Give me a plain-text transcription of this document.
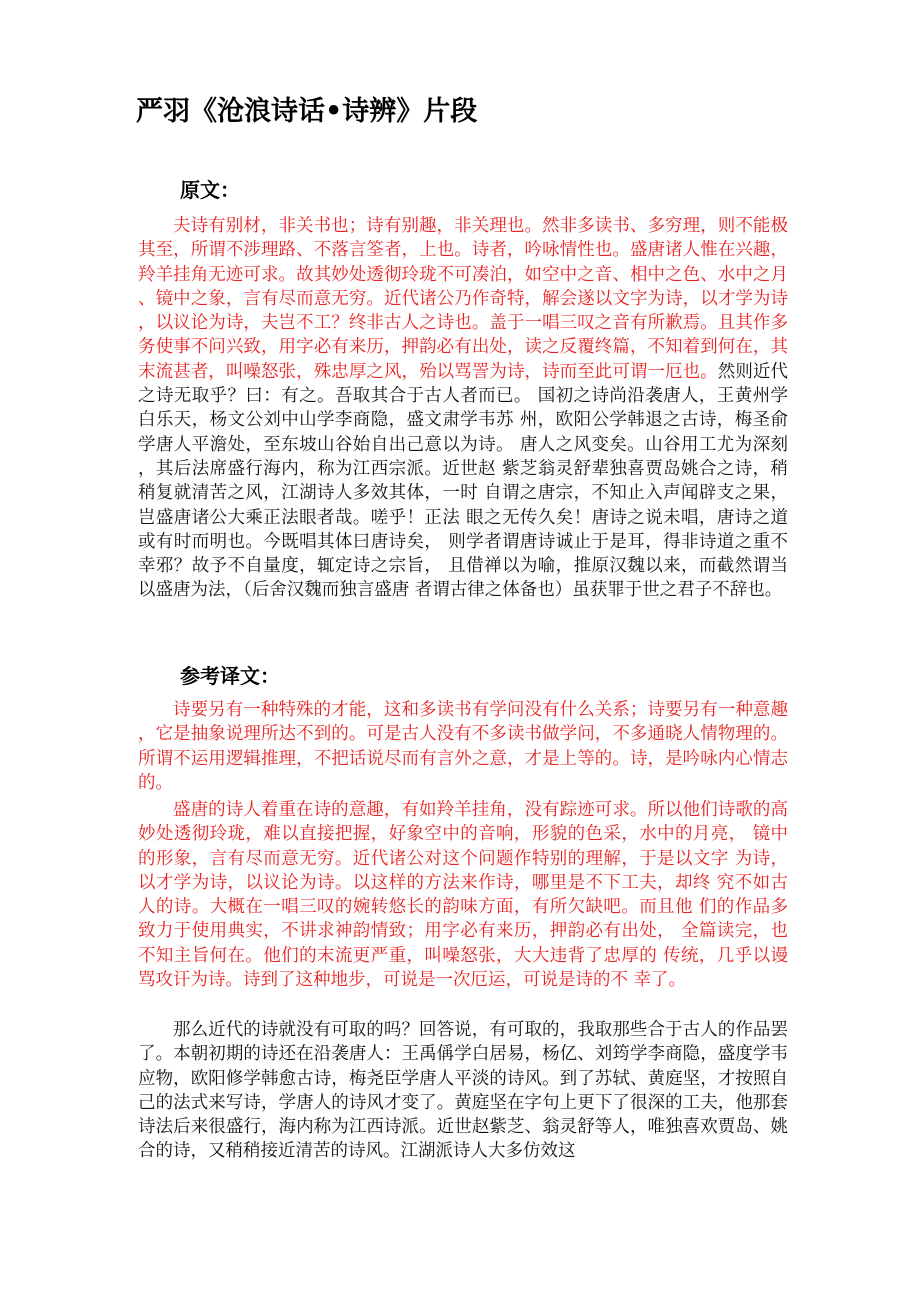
严羽《沧浪诗话•诗辨》片段
原文：

夫诗有别材，非关书也；诗有别趣，非关理也。然非多读书、多穷理，则不能极其至，所谓不涉理路、不落言筌者，上也。诗者，吟咏情性也。盛唐诸人惟在兴趣，羚羊挂角无迹可求。故其妙处透彻玲珑不可凑泊，如空中之音、相中之色、水中之月、镜中之象，言有尽而意无穷。近代诸公乃作奇特，解会遂以文字为诗，以才学为诗，以议论为诗，夫岂不工？终非古人之诗也。盖于一唱三叹之音有所歉焉。且其作多务使事不问兴致，用字必有来历，押韵必有出处，读之反覆终篇，不知着到何在，其末流甚者，叫噪怒张，殊忠厚之风，殆以骂詈为诗，诗而至此可谓一厄也。然则近代之诗无取乎？曰：有之。吾取其合于古人者而已。 国初之诗尚沿袭唐人，王黄州学白乐天，杨文公刘中山学李商隐，盛文肃学韦苏 州，欧阳公学韩退之古诗，梅圣俞学唐人平澹处，至东坡山谷始自出己意以为诗。 唐人之风变矣。山谷用工尤为深刻，其后法席盛行海内，称为江西宗派。近世赵 紫芝翁灵舒辈独喜贾岛姚合之诗，稍稍复就清苦之风，江湖诗人多效其体，一时 自谓之唐宗，不知止入声闻辟支之果，岂盛唐诸公大乘正法眼者哉。嗟乎！正法 眼之无传久矣！唐诗之说未唱，唐诗之道或有时而明也。今既唱其体曰唐诗矣， 则学者谓唐诗诚止于是耳，得非诗道之重不幸邪？故予不自量度，辄定诗之宗旨， 且借禅以为喻，推原汉魏以来，而截然谓当以盛唐为法，（后舍汉魏而独言盛唐 者谓古律之体备也）虽获罪于世之君子不辞也。

参考译文：

诗要另有一种特殊的才能，这和多读书有学问没有什么关系；诗要另有一种意趣，它是抽象说理所达不到的。可是古人没有不多读书做学问，不多通晓人情物理的。所谓不运用逻辑推理，不把话说尽而有言外之意，才是上等的。诗，是吟咏内心情志的。

盛唐的诗人着重在诗的意趣，有如羚羊挂角，没有踪迹可求。所以他们诗歌的高妙处透彻玲珑，难以直接把握，好象空中的音响，形貌的色采，水中的月亮， 镜中的形象，言有尽而意无穷。近代诸公对这个问题作特别的理解，于是以文字 为诗，以才学为诗，以议论为诗。以这样的方法来作诗，哪里是不下工夫，却终 究不如古人的诗。大概在一唱三叹的婉转悠长的韵味方面，有所欠缺吧。而且他 们的作品多致力于使用典实，不讲求神韵情致；用字必有来历，押韵必有出处， 全篇读完，也不知主旨何在。他们的末流更严重，叫噪怒张，大大违背了忠厚的 传统，几乎以谩骂攻讦为诗。诗到了这种地步，可说是一次厄运，可说是诗的不 幸了。

那么近代的诗就没有可取的吗？回答说，有可取的，我取那些合于古人的作品罢了。本朝初期的诗还在沿袭唐人：王禹偁学白居易，杨亿、刘筠学李商隐，盛度学韦应物，欧阳修学韩愈古诗，梅尧臣学唐人平淡的诗风。到了苏轼、黄庭坚，才按照自己的法式来写诗，学唐人的诗风才变了。黄庭坚在字句上更下了很深的工夫，他那套诗法后来很盛行，海内称为江西诗派。近世赵紫芝、翁灵舒等人，唯独喜欢贾岛、姚合的诗，又稍稍接近清苦的诗风。江湖派诗人大多仿效这
